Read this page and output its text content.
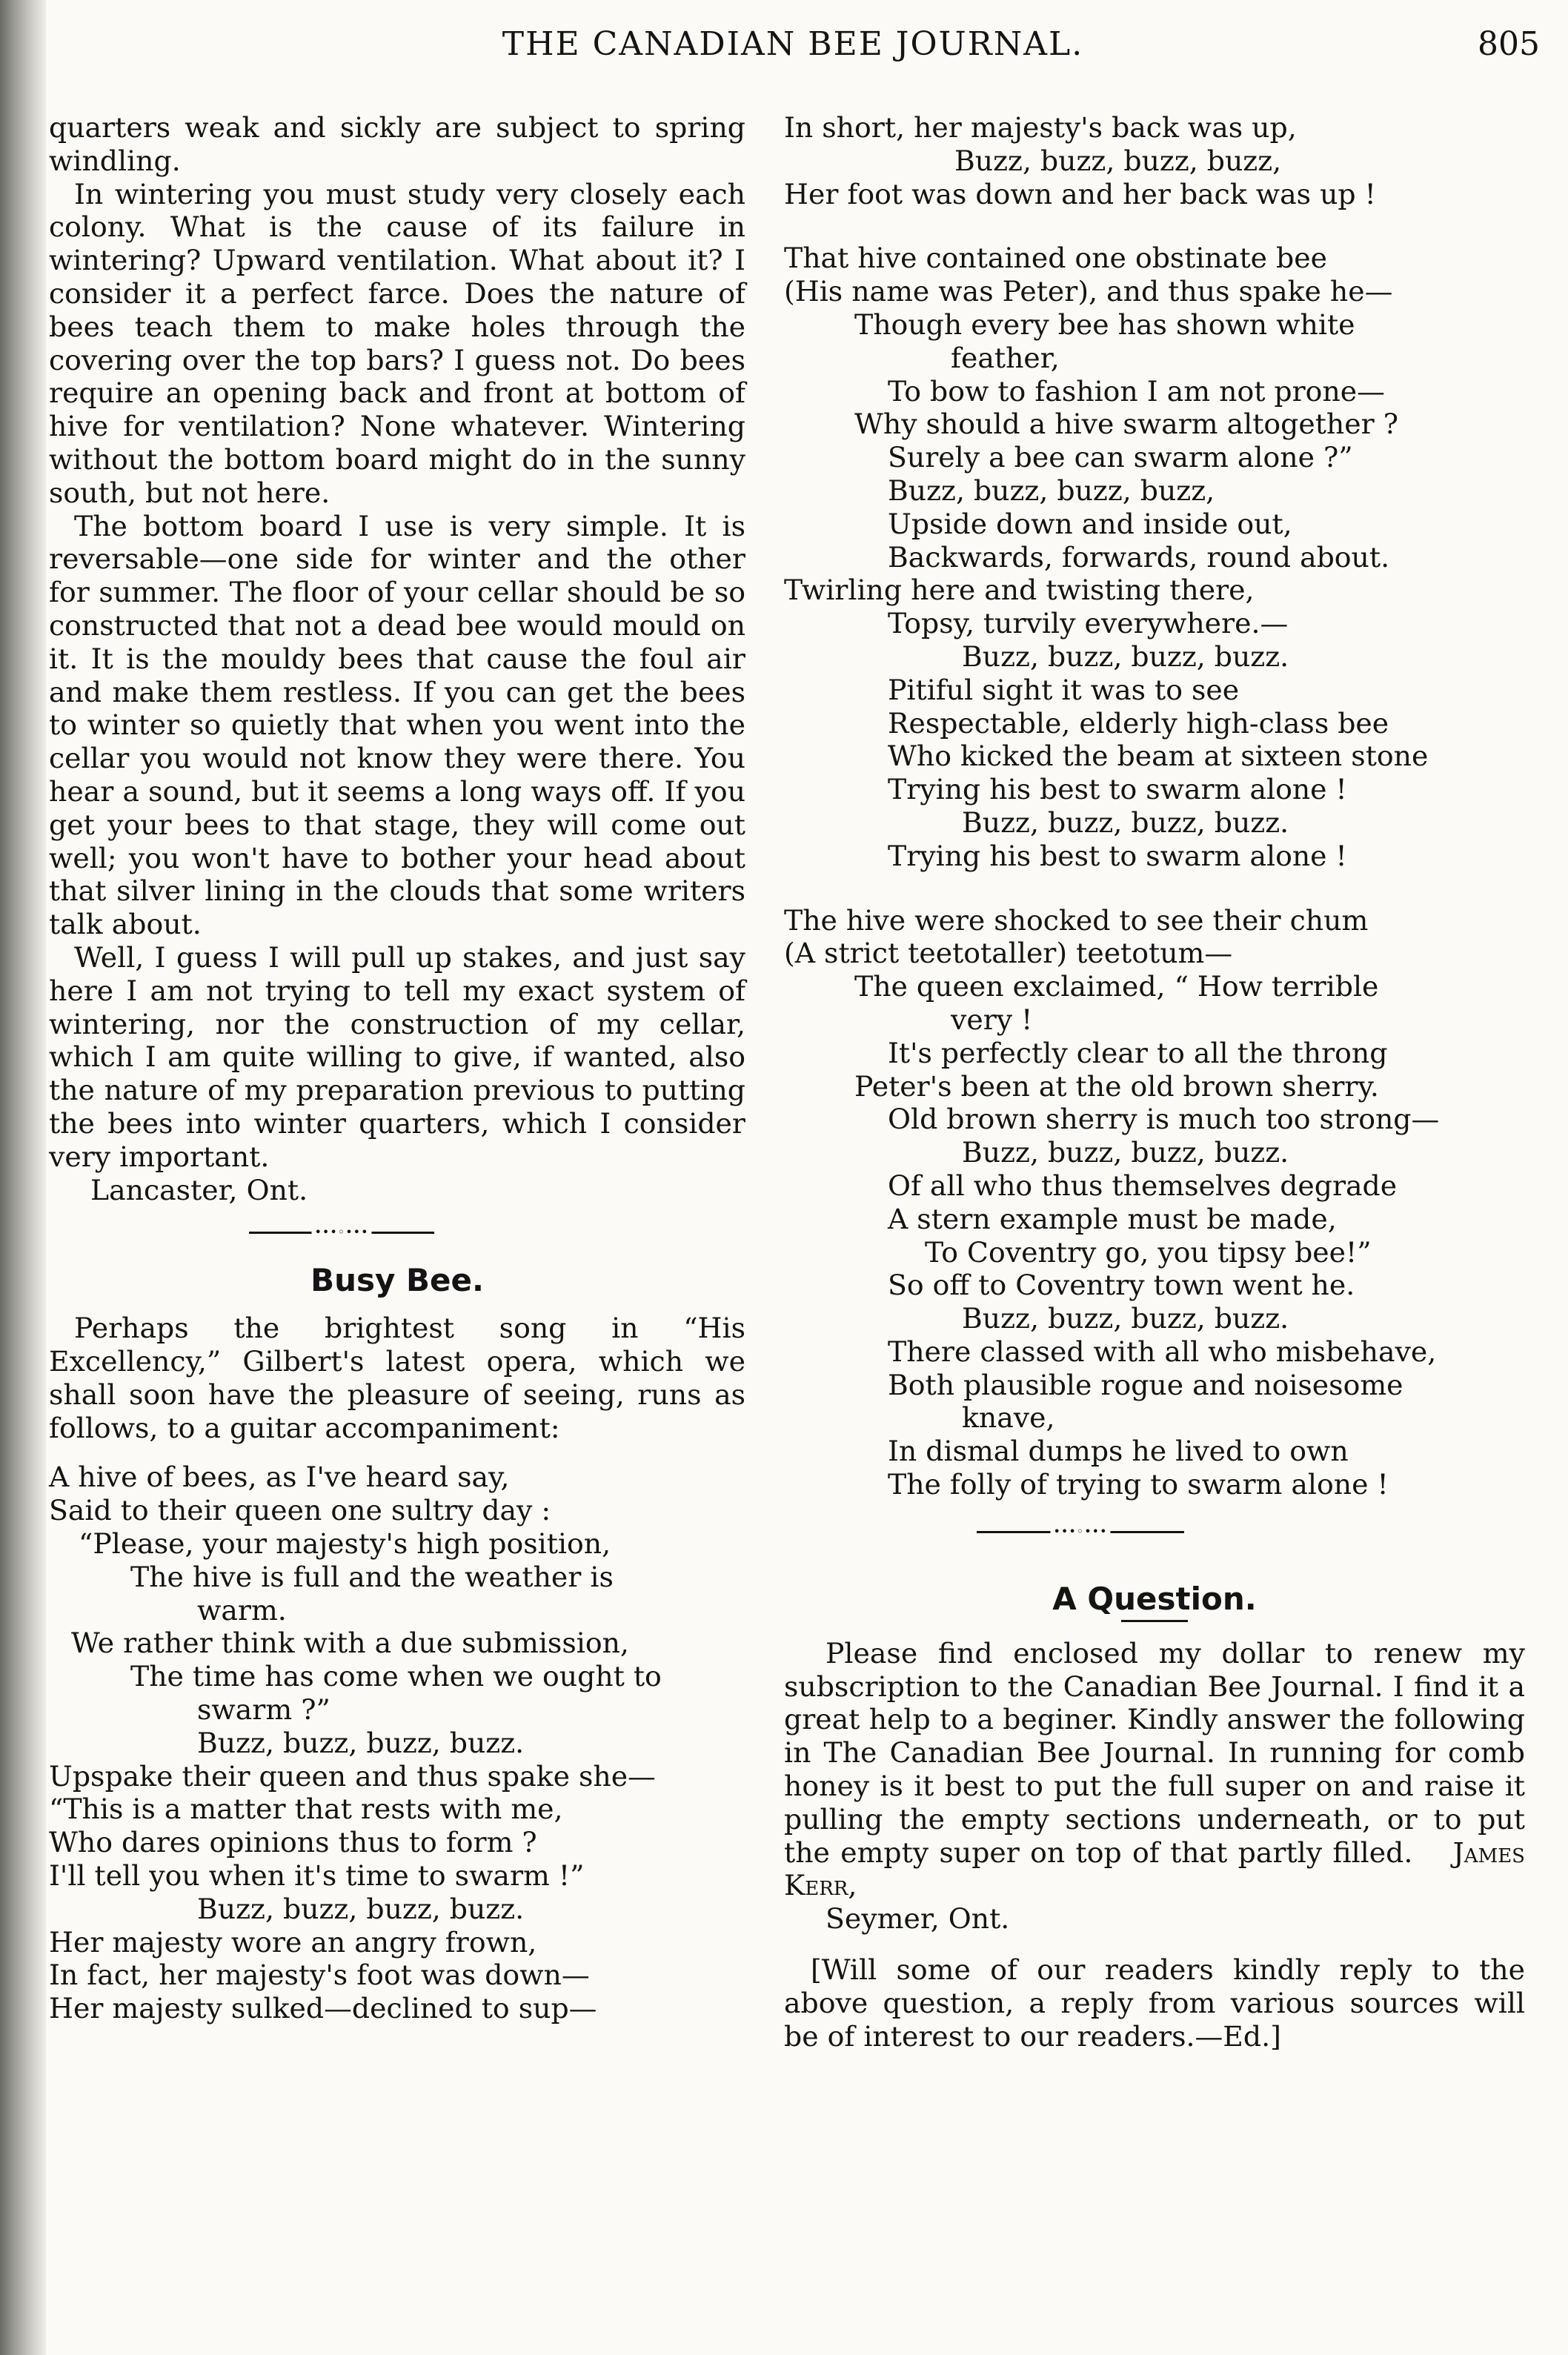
THE CANADIAN BEE JOURNAL.	805

quarters weak and sickly are subject to spring windling.

In wintering you must study very closely each colony. What is the cause of its failure in wintering? Upward ventilation. What about it? I consider it a perfect farce. Does the nature of bees teach them to make holes through the covering over the top bars? I guess not. Do bees require an opening back and front at bottom of hive for ventilation? None whatever. Wintering without the bottom board might do in the sunny south, but not here.

The bottom board I use is very simple. It is reversable—one side for winter and the other for summer. The floor of your cellar should be so constructed that not a dead bee would mould on it. It is the mouldy bees that cause the foul air and make them restless. If you can get the bees to winter so quietly that when you went into the cellar you would not know they were there. You hear a sound, but it seems a long ways off. If you get your bees to that stage, they will come out well; you won't have to bother your head about that silver lining in the clouds that some writers talk about.

Well, I guess I will pull up stakes, and just say here I am not trying to tell my exact system of wintering, nor the construction of my cellar, which I am quite willing to give, if wanted, also the nature of my preparation previous to putting the bees into winter quarters, which I consider very important.

Lancaster, Ont.

•••◦•••
Busy Bee.

Perhaps the brightest song in “His Excellency,” Gilbert's latest opera, which we shall soon have the pleasure of seeing, runs as follows, to a guitar accompaniment:

A hive of bees, as I've heard say,
Said to their queen one sultry day :
“Please, your majesty's high position,
The hive is full and the weather is
warm.
We rather think with a due submission,
The time has come when we ought to
swarm ?”
Buzz, buzz, buzz, buzz.
Upspake their queen and thus spake she—
“This is a matter that rests with me,
Who dares opinions thus to form ?
I'll tell you when it's time to swarm !”
Buzz, buzz, buzz, buzz.
Her majesty wore an angry frown,
In fact, her majesty's foot was down—
Her majesty sulked—declined to sup—
In short, her majesty's back was up,
Buzz, buzz, buzz, buzz,
Her foot was down and her back was up !
That hive contained one obstinate bee
(His name was Peter), and thus spake he—
Though every bee has shown white
feather,
To bow to fashion I am not prone—
Why should a hive swarm altogether ?
Surely a bee can swarm alone ?”
Buzz, buzz, buzz, buzz,
Upside down and inside out,
Backwards, forwards, round about.
Twirling here and twisting there,
Topsy, turvily everywhere.—
Buzz, buzz, buzz, buzz.
Pitiful sight it was to see
Respectable, elderly high-class bee
Who kicked the beam at sixteen stone
Trying his best to swarm alone !
Buzz, buzz, buzz, buzz.
Trying his best to swarm alone !
The hive were shocked to see their chum
(A strict teetotaller) teetotum—
The queen exclaimed, “ How terrible
very !
It's perfectly clear to all the throng
Peter's been at the old brown sherry.
Old brown sherry is much too strong—
Buzz, buzz, buzz, buzz.
Of all who thus themselves degrade
A stern example must be made,
To Coventry go, you tipsy bee!”
So off to Coventry town went he.
Buzz, buzz, buzz, buzz.
There classed with all who misbehave,
Both plausible rogue and noisesome
knave,
In dismal dumps he lived to own
The folly of trying to swarm alone !
•••◦•••
A Question.

Please find enclosed my dollar to renew my subscription to the Canadian Bee Journal. I find it a great help to a beginer. Kindly answer the following in The Canadian Bee Journal. In running for comb honey is it best to put the full super on and raise it pulling the empty sections underneath, or to put the empty super on top of that partly filled. James Kerr,

Seymer, Ont.

[Will some of our readers kindly reply to the above question, a reply from various sources will be of interest to our readers.—Ed.]
